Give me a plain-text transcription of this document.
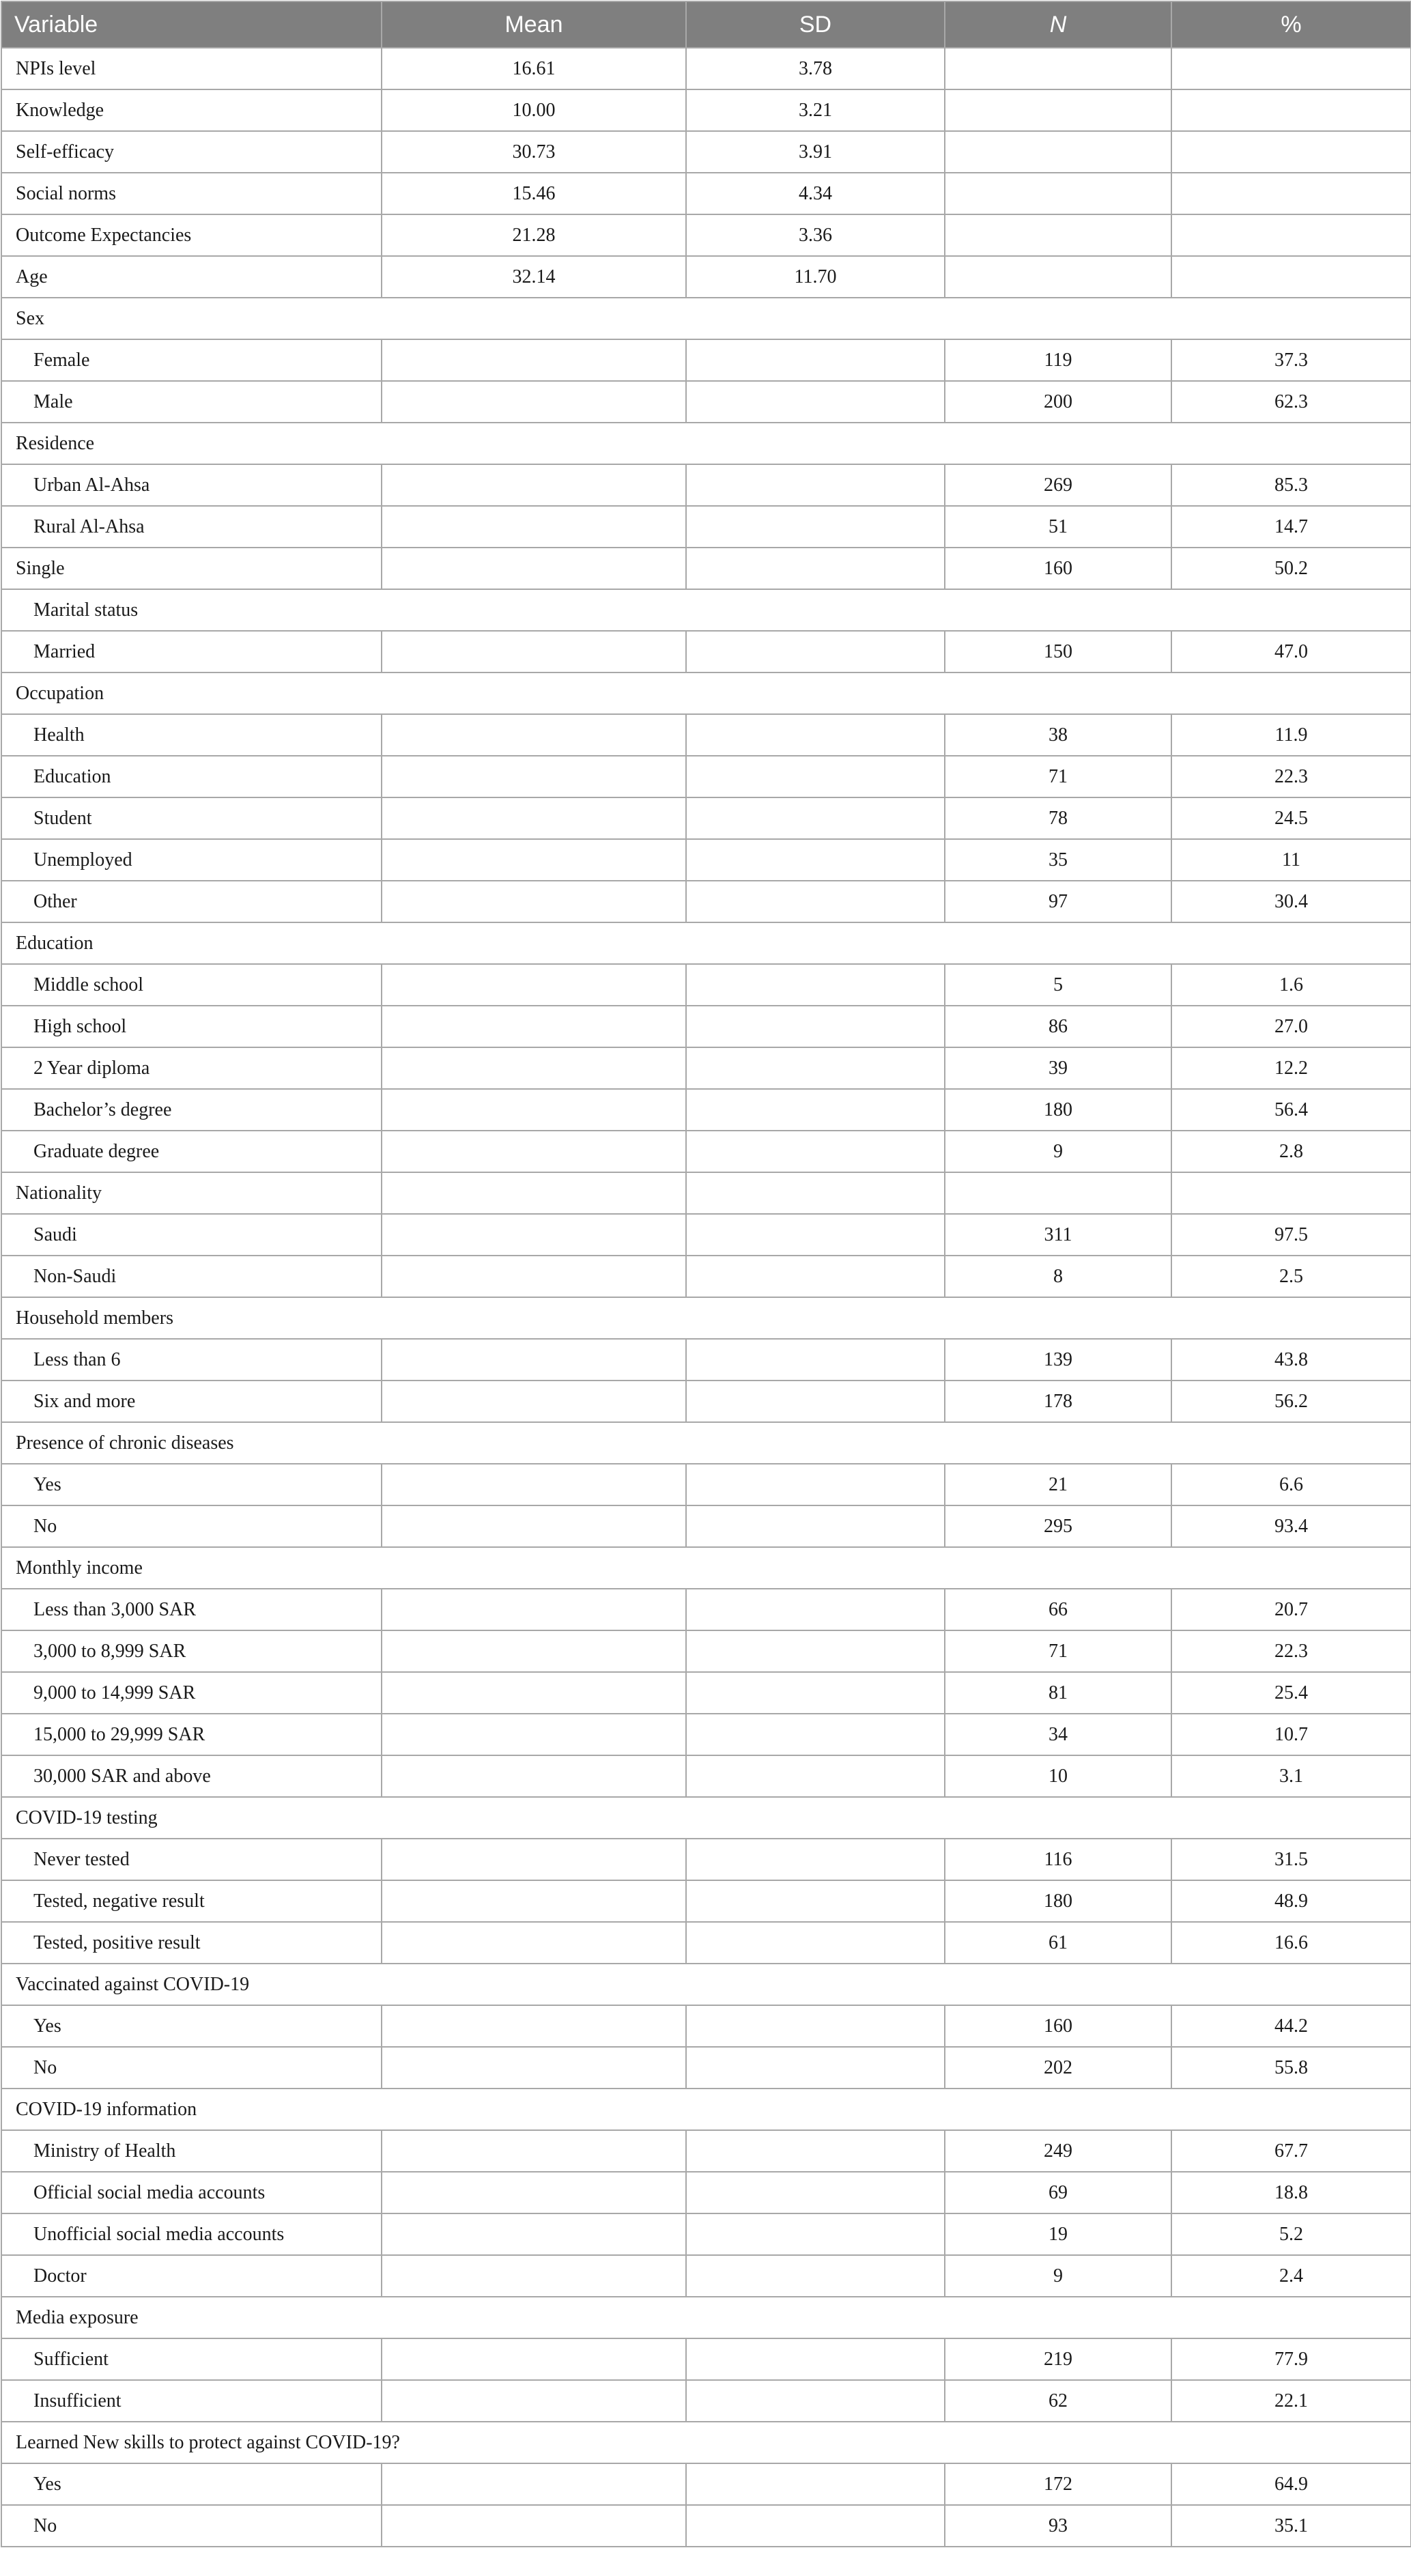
Variable	Mean	SD	N	%
NPIs level	16.61	3.78		
Knowledge	10.00	3.21		
Self-efficacy	30.73	3.91		
Social norms	15.46	4.34		
Outcome Expectancies	21.28	3.36		
Age	32.14	11.70		
Sex				
Female			119	37.3
Male			200	62.3
Residence				
Urban Al-Ahsa			269	85.3
Rural Al-Ahsa			51	14.7
Single			160	50.2
Marital status				
Married			150	47.0
Occupation				
Health			38	11.9
Education			71	22.3
Student			78	24.5
Unemployed			35	11
Other			97	30.4
Education				
Middle school			5	1.6
High school			86	27.0
2 Year diploma			39	12.2
Bachelor’s degree			180	56.4
Graduate degree			9	2.8
Nationality				
Saudi			311	97.5
Non-Saudi			8	2.5
Household members				
Less than 6			139	43.8
Six and more			178	56.2
Presence of chronic diseases				
Yes			21	6.6
No			295	93.4
Monthly income				
Less than 3,000 SAR			66	20.7
3,000 to 8,999 SAR			71	22.3
9,000 to 14,999 SAR			81	25.4
15,000 to 29,999 SAR			34	10.7
30,000 SAR and above			10	3.1
COVID-19 testing				
Never tested			116	31.5
Tested, negative result			180	48.9
Tested, positive result			61	16.6
Vaccinated against COVID-19				
Yes			160	44.2
No			202	55.8
COVID-19 information				
Ministry of Health			249	67.7
Official social media accounts			69	18.8
Unofficial social media accounts			19	5.2
Doctor			9	2.4
Media exposure				
Sufficient			219	77.9
Insufficient			62	22.1
Learned New skills to protect against COVID-19?				
Yes			172	64.9
No			93	35.1
